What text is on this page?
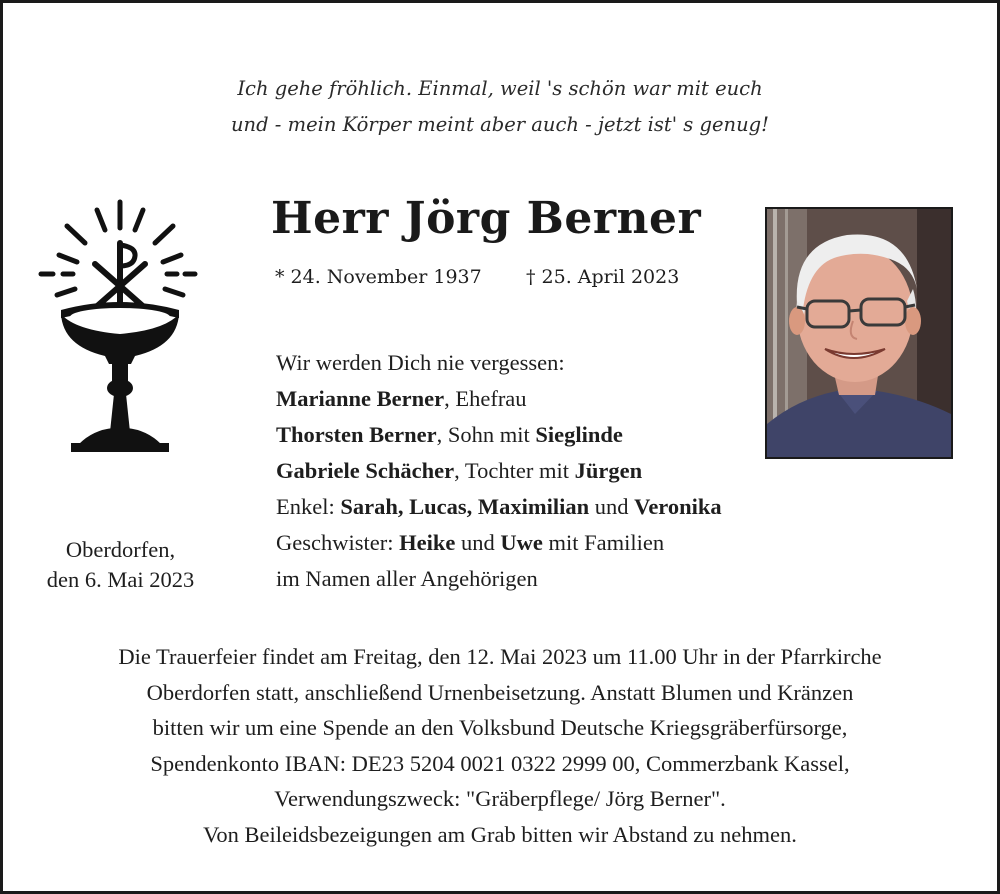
Ich gehe fröhlich. Einmal, weil 's schön war mit euch
und - mein Körper meint aber auch - jetzt ist' s genug!
Herr Jörg Berner
* 24. November 1937 † 25. April 2023
Wir werden Dich nie vergessen:
Marianne Berner, Ehefrau
Thorsten Berner, Sohn mit Sieglinde
Gabriele Schächer, Tochter mit Jürgen
Enkel: Sarah, Lucas, Maximilian und Veronika
Geschwister: Heike und Uwe mit Familien
im Namen aller Angehörigen
Oberdorfen,
den 6. Mai 2023
Die Trauerfeier findet am Freitag, den 12. Mai 2023 um 11.00 Uhr in der Pfarrkirche
Oberdorfen statt, anschließend Urnenbeisetzung. Anstatt Blumen und Kränzen
bitten wir um eine Spende an den Volksbund Deutsche Kriegsgräberfürsorge,
Spendenkonto IBAN: DE23 5204 0021 0322 2999 00, Commerzbank Kassel,
Verwendungszweck: "Gräberpflege/ Jörg Berner".
Von Beileidsbezeigungen am Grab bitten wir Abstand zu nehmen.
